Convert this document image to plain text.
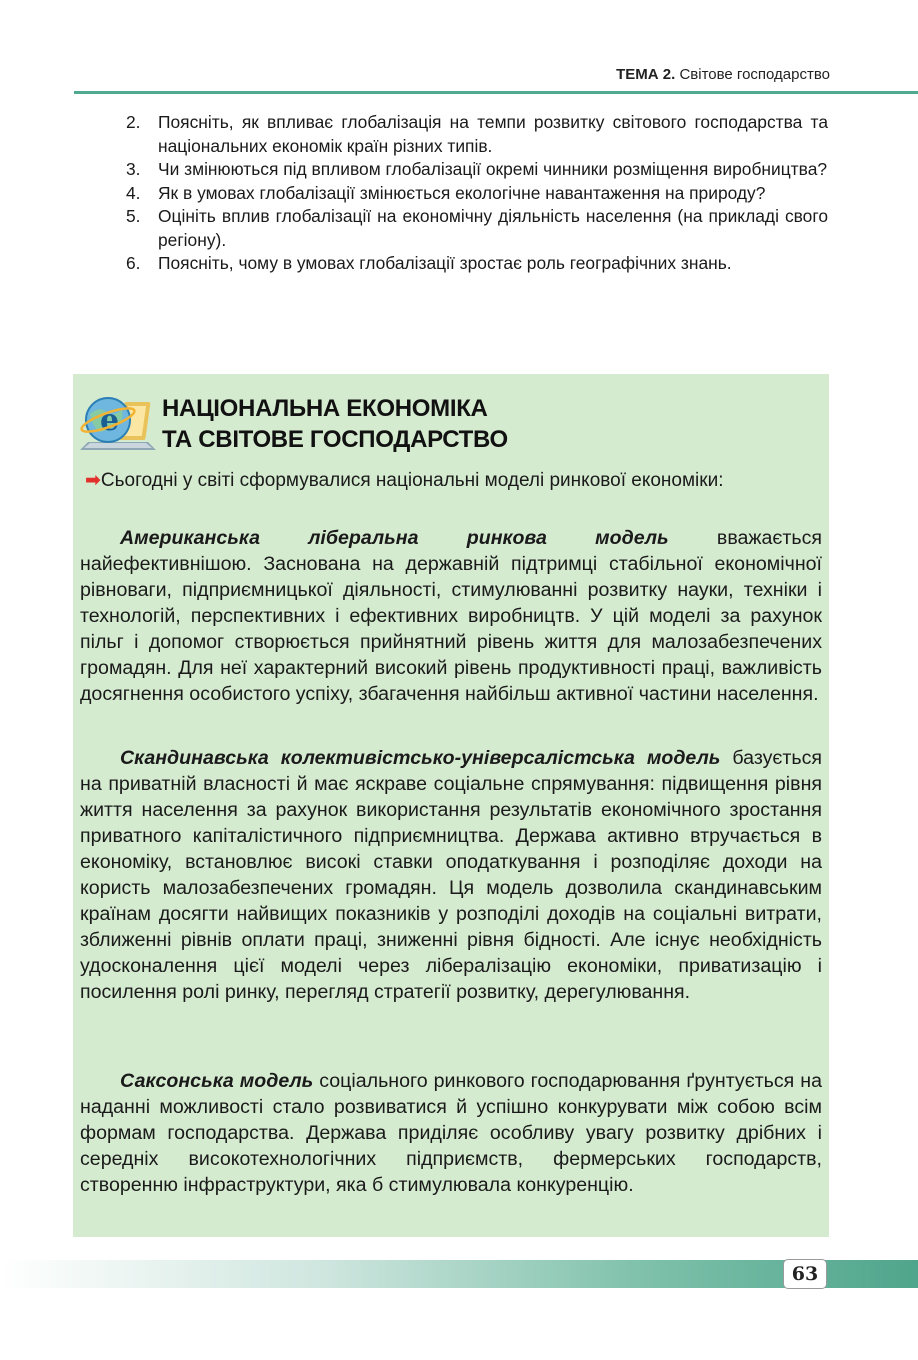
ТЕМА 2. Світове господарство
2.	Поясніть, як впливає глобалізація на темпи розвитку світового господарства та національних економік країн різних типів.
3.	Чи змінюються під впливом глобалізації окремі чинники розміщення виробництва?
4.	Як в умовах глобалізації змінюється екологічне навантаження на природу?
5.	Оцініть вплив глобалізації на економічну діяльність населення (на прикладі свого регіону).
6.	Поясніть, чому в умовах глобалізації зростає роль географічних знань.
e НАЦІОНАЛЬНА ЕКОНОМІКА
ТА СВІТОВЕ ГОСПОДАРСТВО
➡Сьогодні у світі сформувалися національні моделі ринкової економіки:

Американська ліберальна ринкова модель вважається найефективнішою. Заснована на державній підтримці стабільної економічної рівноваги, підприємницької діяльності, стимулюванні розвитку науки, техніки і технологій, перспективних і ефективних виробництв. У цій моделі за рахунок пільг і допомог створюється прийнятний рівень життя для малозабезпечених громадян. Для неї характерний високий рівень продуктивності праці, важливість досягнення особистого успіху, збагачення найбільш активної частини населення.

Скандинавська колективістсько-універсалістська модель базується на приватній власності й має яскраве соціальне спрямування: підвищення рівня життя населення за рахунок використання результатів економічного зростання приватного капіталістичного підприємництва. Держава активно втручається в економіку, встановлює високі ставки оподаткування і розподіляє доходи на користь малозабезпечених громадян. Ця модель дозволила скандинавським країнам досягти найвищих показників у розподілі доходів на соціальні витрати, зближенні рівнів оплати праці, зниженні рівня бідності. Але існує необхідність удосконалення цієї моделі через лібералізацію економіки, приватизацію і посилення ролі ринку, перегляд стратегії розвитку, дерегулювання.

Саксонська модель соціального ринкового господарювання ґрунтується на наданні можливості стало розвиватися й успішно конкурувати між собою всім формам господарства. Держава приділяє особливу увагу розвитку дрібних і середніх високотехнологічних підприємств, фермерських господарств, створенню інфраструктури, яка б стимулювала конкуренцію.

63
